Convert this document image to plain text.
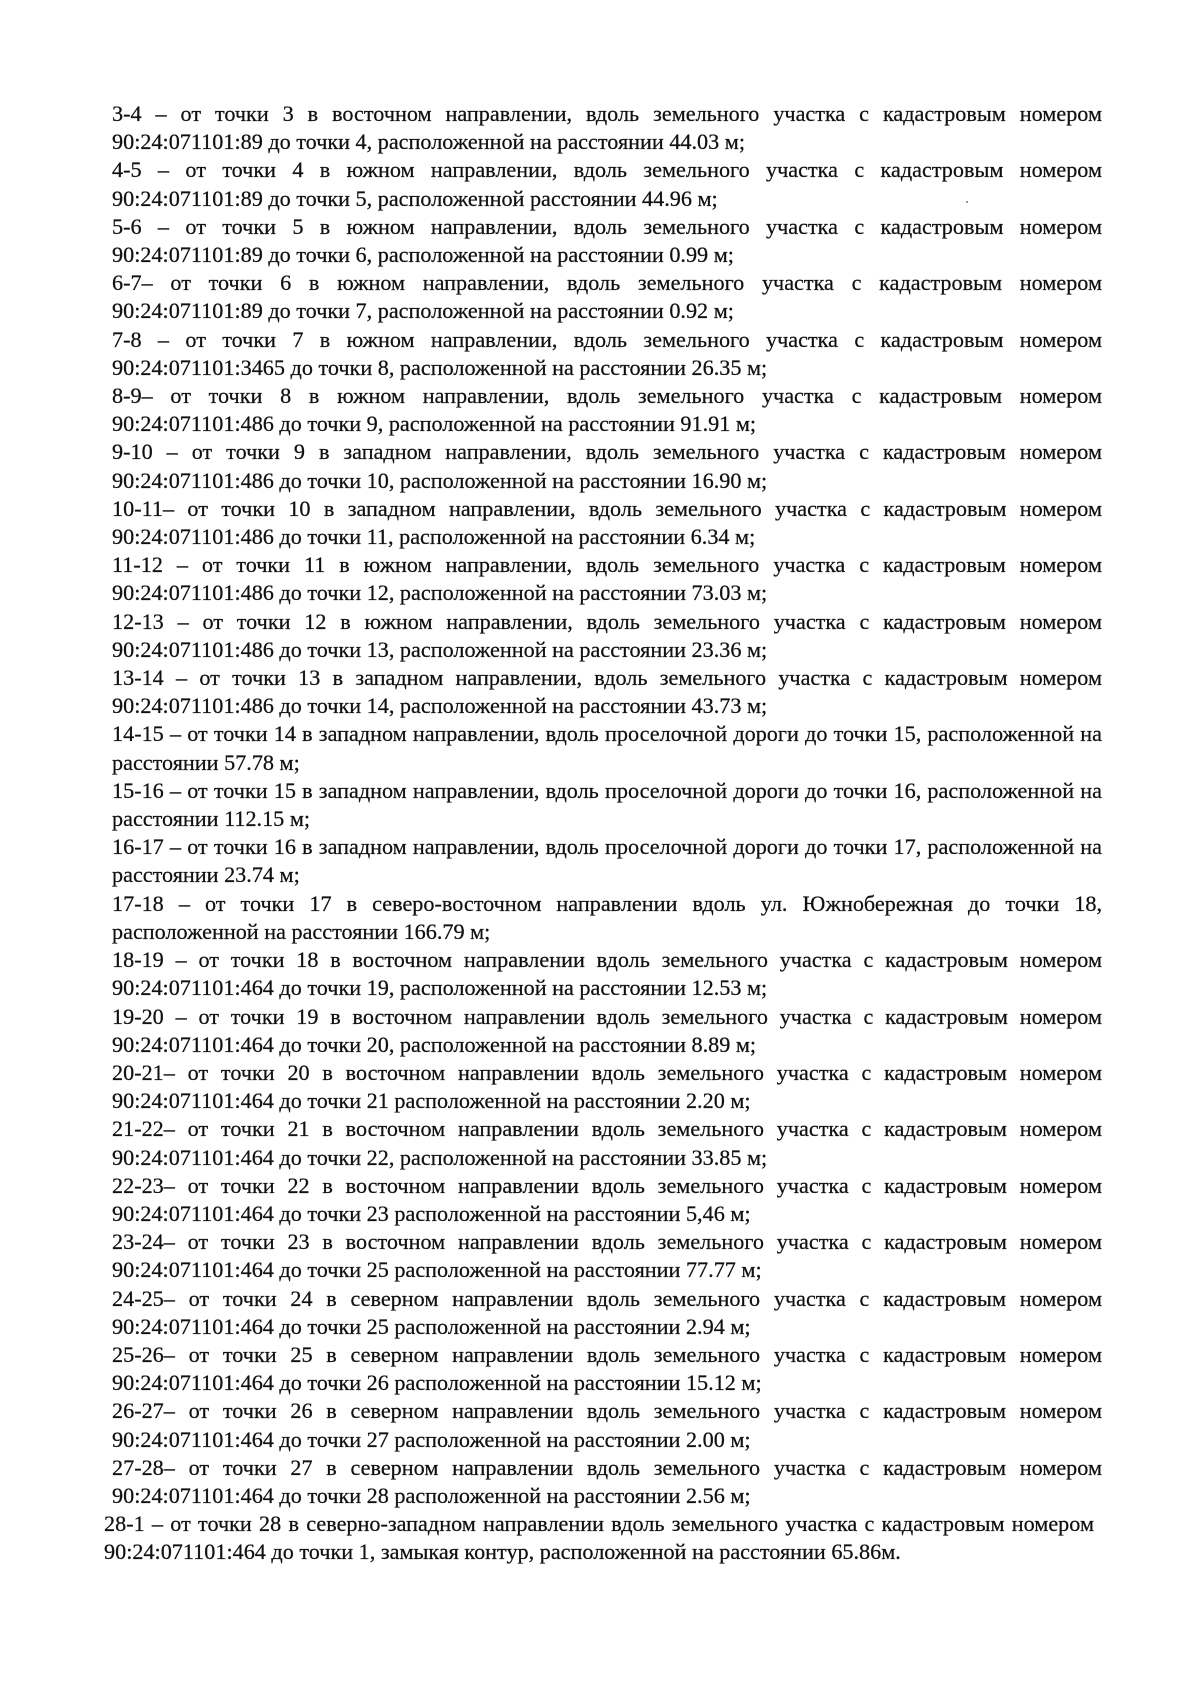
3-4 – от точки 3 в восточном направлении, вдоль земельного участка с кадастровым номером 90:24:071101:89 до точки 4, расположенной на расстоянии 44.03 м;

4-5 – от точки 4 в южном направлении, вдоль земельного участка с кадастровым номером 90:24:071101:89 до точки 5, расположенной расстоянии 44.96 м;

5-6 – от точки 5 в южном направлении, вдоль земельного участка с кадастровым номером 90:24:071101:89 до точки 6, расположенной на расстоянии 0.99 м;

6-7– от точки 6 в южном направлении, вдоль земельного участка с кадастровым номером 90:24:071101:89 до точки 7, расположенной на расстоянии 0.92 м;

7-8 – от точки 7 в южном направлении, вдоль земельного участка с кадастровым номером 90:24:071101:3465 до точки 8, расположенной на расстоянии 26.35 м;

8-9– от точки 8 в южном направлении, вдоль земельного участка с кадастровым номером 90:24:071101:486 до точки 9, расположенной на расстоянии 91.91 м;

9-10 – от точки 9 в западном направлении, вдоль земельного участка с кадастровым номером 90:24:071101:486 до точки 10, расположенной на расстоянии 16.90 м;

10-11– от точки 10 в западном направлении, вдоль земельного участка с кадастровым номером 90:24:071101:486 до точки 11, расположенной на расстоянии 6.34 м;

11-12 – от точки 11 в южном направлении, вдоль земельного участка с кадастровым номером 90:24:071101:486 до точки 12, расположенной на расстоянии 73.03 м;

12-13 – от точки 12 в южном направлении, вдоль земельного участка с кадастровым номером 90:24:071101:486 до точки 13, расположенной на расстоянии 23.36 м;

13-14 – от точки 13 в западном направлении, вдоль земельного участка с кадастровым номером 90:24:071101:486 до точки 14, расположенной на расстоянии 43.73 м;

14-15 – от точки 14 в западном направлении, вдоль проселочной дороги до точки 15, расположенной на расстоянии 57.78 м;

15-16 – от точки 15 в западном направлении, вдоль проселочной дороги до точки 16, расположенной на расстоянии 112.15 м;

16-17 – от точки 16 в западном направлении, вдоль проселочной дороги до точки 17, расположенной на расстоянии 23.74 м;

17-18 – от точки 17 в северо-восточном направлении вдоль ул. Южнобережная до точки 18, расположенной на расстоянии 166.79 м;

18-19 – от точки 18 в восточном направлении вдоль земельного участка с кадастровым номером 90:24:071101:464 до точки 19, расположенной на расстоянии 12.53 м;

19-20 – от точки 19 в восточном направлении вдоль земельного участка с кадастровым номером 90:24:071101:464 до точки 20, расположенной на расстоянии 8.89 м;

20-21– от точки 20 в восточном направлении вдоль земельного участка с кадастровым номером 90:24:071101:464 до точки 21 расположенной на расстоянии 2.20 м;

21-22– от точки 21 в восточном направлении вдоль земельного участка с кадастровым номером 90:24:071101:464 до точки 22, расположенной на расстоянии 33.85 м;

22-23– от точки 22 в восточном направлении вдоль земельного участка с кадастровым номером 90:24:071101:464 до точки 23 расположенной на расстоянии 5,46 м;

23-24– от точки 23 в восточном направлении вдоль земельного участка с кадастровым номером 90:24:071101:464 до точки 25 расположенной на расстоянии 77.77 м;

24-25– от точки 24 в северном направлении вдоль земельного участка с кадастровым номером 90:24:071101:464 до точки 25 расположенной на расстоянии 2.94 м;

25-26– от точки 25 в северном направлении вдоль земельного участка с кадастровым номером 90:24:071101:464 до точки 26 расположенной на расстоянии 15.12 м;

26-27– от точки 26 в северном направлении вдоль земельного участка с кадастровым номером 90:24:071101:464 до точки 27 расположенной на расстоянии 2.00 м;

27-28– от точки 27 в северном направлении вдоль земельного участка с кадастровым номером 90:24:071101:464 до точки 28 расположенной на расстоянии 2.56 м;

28-1 – от точки 28 в северно-западном направлении вдоль земельного участка с кадастровым номером 90:24:071101:464 до точки 1, замыкая контур, расположенной на расстоянии 65.86м.
